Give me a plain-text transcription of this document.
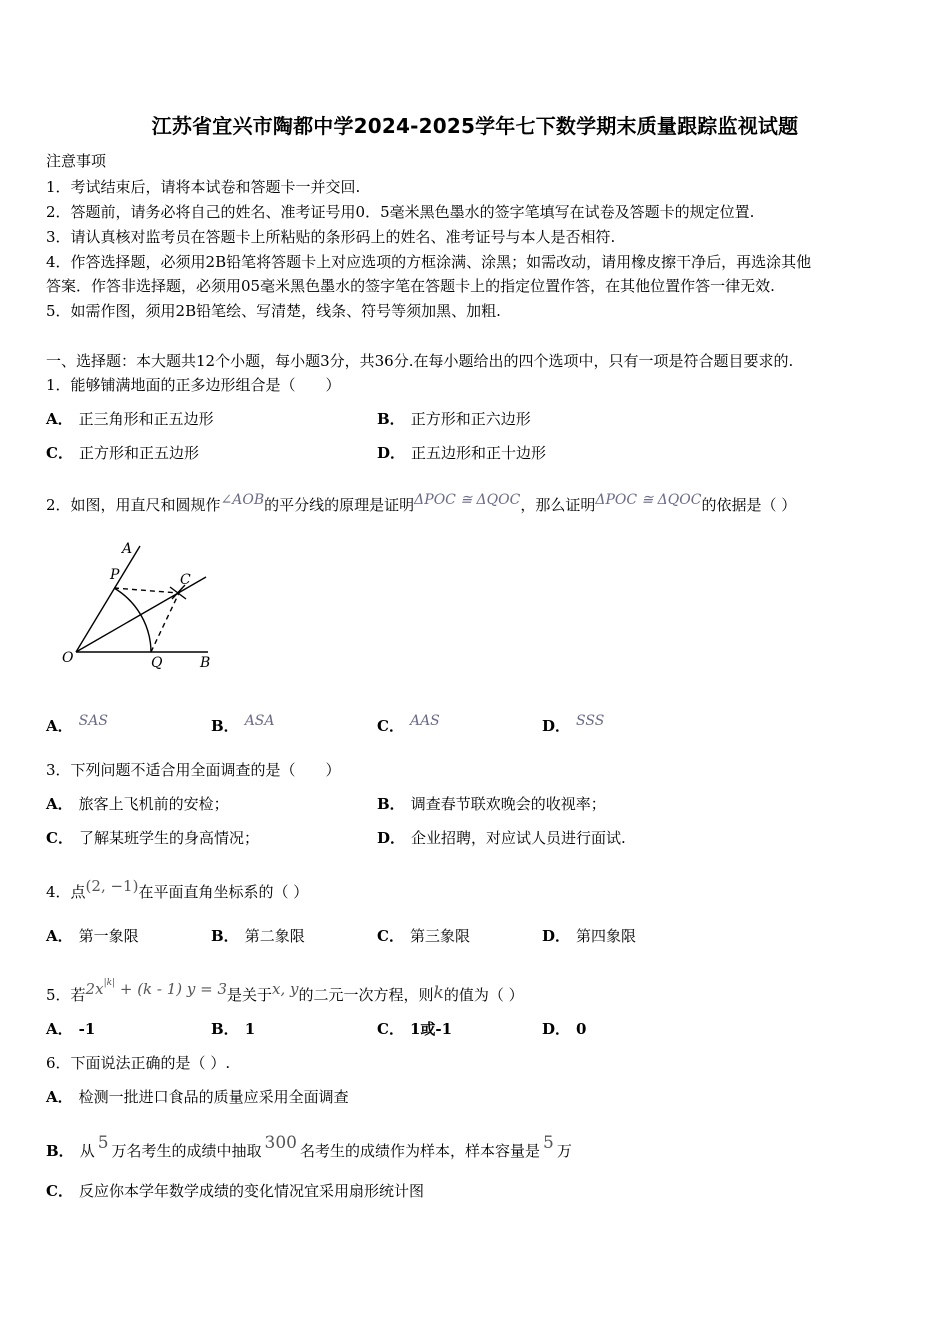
江苏省宜兴市陶都中学2024-2025学年七下数学期末质量跟踪监视试题
注意事项
1．考试结束后，请将本试卷和答题卡一并交回.
2．答题前，请务必将自己的姓名、准考证号用0．5毫米黑色墨水的签字笔填写在试卷及答题卡的规定位置.
3．请认真核对监考员在答题卡上所粘贴的条形码上的姓名、准考证号与本人是否相符.
4．作答选择题，必须用2B铅笔将答题卡上对应选项的方框涂满、涂黑；如需改动，请用橡皮擦干净后，再选涂其他
答案．作答非选择题，必须用05毫米黑色墨水的签字笔在答题卡上的指定位置作答，在其他位置作答一律无效.
5．如需作图，须用2B铅笔绘、写清楚，线条、符号等须加黑、加粗.
一、选择题：本大题共12个小题，每小题3分，共36分.在每小题给出的四个选项中，只有一项是符合题目要求的.
1．能够铺满地面的正多边形组合是（　　）
A． 正三角形和正五边形	B． 正方形和正六边形
C． 正方形和正五边形	D． 正五边形和正十边形
2．如图，用直尺和圆规作∠AOB的平分线的原理是证明ΔPOC ≅ ΔQOC，那么证明ΔPOC ≅ ΔQOC的依据是（ ）
A
P	C
O	Q	B
A． SAS	B． ASA	C． AAS	D． SSS
3．下列问题不适合用全面调查的是（　　）
A． 旅客上飞机前的安检；	B． 调查春节联欢晚会的收视率；
C． 了解某班学生的身高情况；	D． 企业招聘，对应试人员进行面试.
4．点(2, −1)在平面直角坐标系的（ ）
A． 第一象限	B． 第二象限	C． 第三象限	D． 第四象限
5．若$2x^{|k|} + (k - 1) y = 3$是关于x, y的二元一次方程，则k的值为（ ）
A． -1	B． 1	C． 1或-1	D． 0
6．下面说法正确的是（ ）.
A． 检测一批进口食品的质量应采用全面调查
B． 从 5 万名考生的成绩中抽取 300 名考生的成绩作为样本，样本容量是 5 万
C． 反应你本学年数学成绩的变化情况宜采用扇形统计图
